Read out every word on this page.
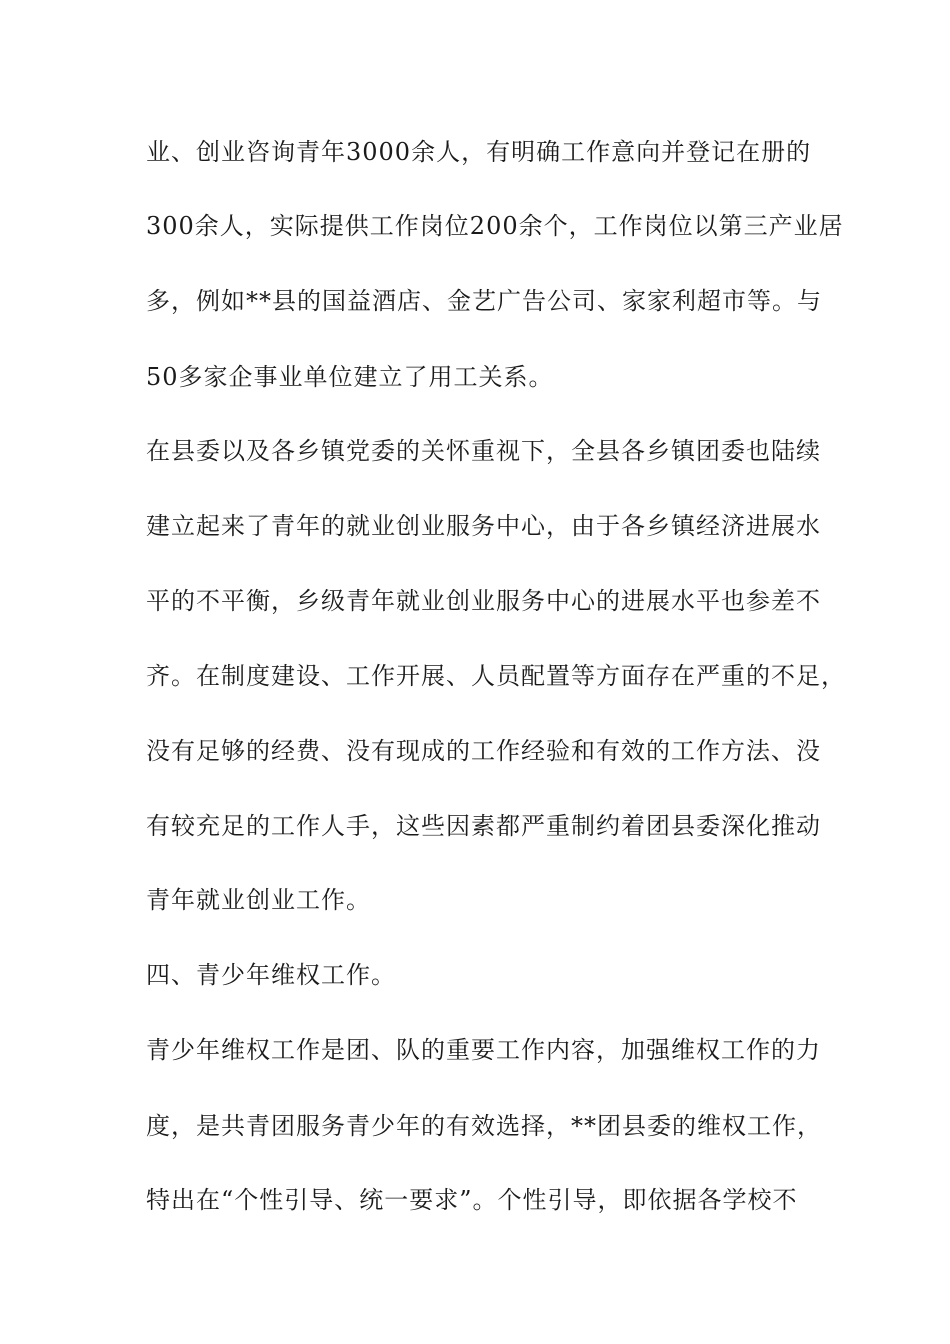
业、创业咨询青年3000余人，有明确工作意向并登记在册的
300余人，实际提供工作岗位200余个，工作岗位以第三产业居
多，例如**县的国益酒店、金艺广告公司、家家利超市等。与
50多家企事业单位建立了用工关系。
在县委以及各乡镇党委的关怀重视下，全县各乡镇团委也陆续
建立起来了青年的就业创业服务中心，由于各乡镇经济进展水
平的不平衡，乡级青年就业创业服务中心的进展水平也参差不
齐。在制度建设、工作开展、人员配置等方面存在严重的不足，
没有足够的经费、没有现成的工作经验和有效的工作方法、没
有较充足的工作人手，这些因素都严重制约着团县委深化推动
青年就业创业工作。
四、青少年维权工作。
青少年维权工作是团、队的重要工作内容，加强维权工作的力
度，是共青团服务青少年的有效选择，**团县委的维权工作，
特出在“个性引导、统一要求”。个性引导，即依据各学校不
